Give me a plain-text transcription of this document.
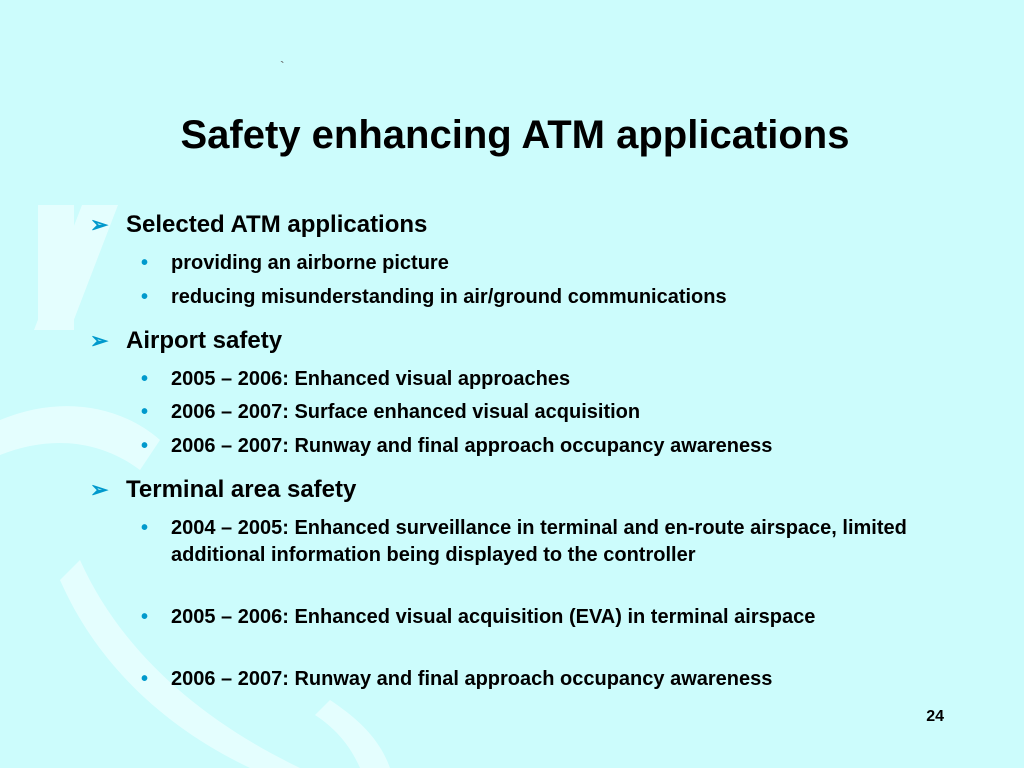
`
Safety enhancing ATM applications
➢ Selected ATM applications
• providing an airborne picture
• reducing misunderstanding in air/ground communications
➢ Airport safety
• 2005 – 2006: Enhanced visual approaches
• 2006 – 2007: Surface enhanced visual acquisition
• 2006 – 2007: Runway and final approach occupancy awareness
➢ Terminal area safety
• 2004 – 2005: Enhanced surveillance in terminal and en-route airspace, limited additional information being displayed to the controller
• 2005 – 2006: Enhanced visual acquisition (EVA) in terminal airspace
• 2006 – 2007: Runway and final approach occupancy awareness
24
